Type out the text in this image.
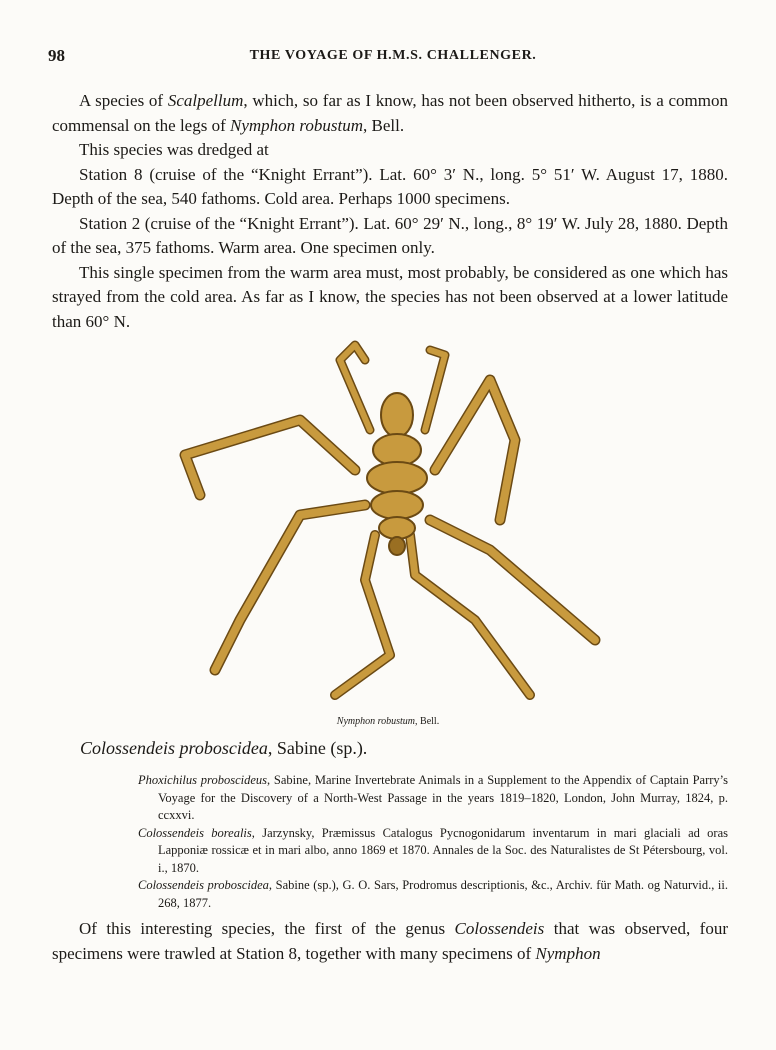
98	THE VOYAGE OF H.M.S. CHALLENGER.

A species of Scalpellum, which, so far as I know, has not been observed hitherto, is a common commensal on the legs of Nymphon robustum, Bell.

This species was dredged at

Station 8 (cruise of the “Knight Errant”). Lat. 60° 3′ N., long. 5° 51′ W. August 17, 1880. Depth of the sea, 540 fathoms. Cold area. Perhaps 1000 specimens.

Station 2 (cruise of the “Knight Errant”). Lat. 60° 29′ N., long., 8° 19′ W. July 28, 1880. Depth of the sea, 375 fathoms. Warm area. One specimen only.

This single specimen from the warm area must, most probably, be considered as one which has strayed from the cold area. As far as I know, the species has not been observed at a lower latitude than 60° N.

Nymphon robustum, Bell.
Colossendeis proboscidea, Sabine (sp.).

Phoxichilus proboscideus, Sabine, Marine Invertebrate Animals in a Supplement to the Appendix of Captain Parry’s Voyage for the Discovery of a North-West Passage in the years 1819–1820, London, John Murray, 1824, p. ccxxvi.

Colossendeis borealis, Jarzynsky, Præmissus Catalogus Pycnogonidarum inventarum in mari glaciali ad oras Lapponiæ rossicæ et in mari albo, anno 1869 et 1870. Annales de la Soc. des Naturalistes de St Pétersbourg, vol. i., 1870.

Colossendeis proboscidea, Sabine (sp.), G. O. Sars, Prodromus descriptionis, &c., Archiv. für Math. og Naturvid., ii. 268, 1877.

Of this interesting species, the first of the genus Colossendeis that was observed, four specimens were trawled at Station 8, together with many specimens of Nymphon
